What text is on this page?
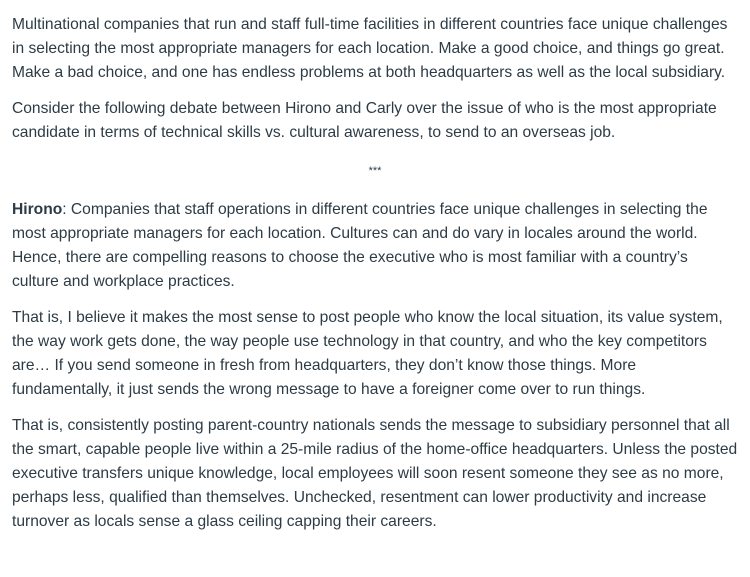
Multinational companies that run and staff full-time facilities in different countries face unique challenges in selecting the most appropriate managers for each location. Make a good choice, and things go great. Make a bad choice, and one has endless problems at both headquarters as well as the local subsidiary.

Consider the following debate between Hirono and Carly over the issue of who is the most appropriate candidate in terms of technical skills vs. cultural awareness, to send to an overseas job.

***

Hirono: Companies that staff operations in different countries face unique challenges in selecting the most appropriate managers for each location. Cultures can and do vary in locales around the world. Hence, there are compelling reasons to choose the executive who is most familiar with a country’s culture and workplace practices.

That is, I believe it makes the most sense to post people who know the local situation, its value system, the way work gets done, the way people use technology in that country, and who the key competitors are… If you send someone in fresh from headquarters, they don’t know those things. More fundamentally, it just sends the wrong message to have a foreigner come over to run things.

That is, consistently posting parent-country nationals sends the message to subsidiary personnel that all the smart, capable people live within a 25-mile radius of the home-office headquarters. Unless the posted executive transfers unique knowledge, local employees will soon resent someone they see as no more, perhaps less, qualified than themselves. Unchecked, resentment can lower productivity and increase turnover as locals sense a glass ceiling capping their careers.
